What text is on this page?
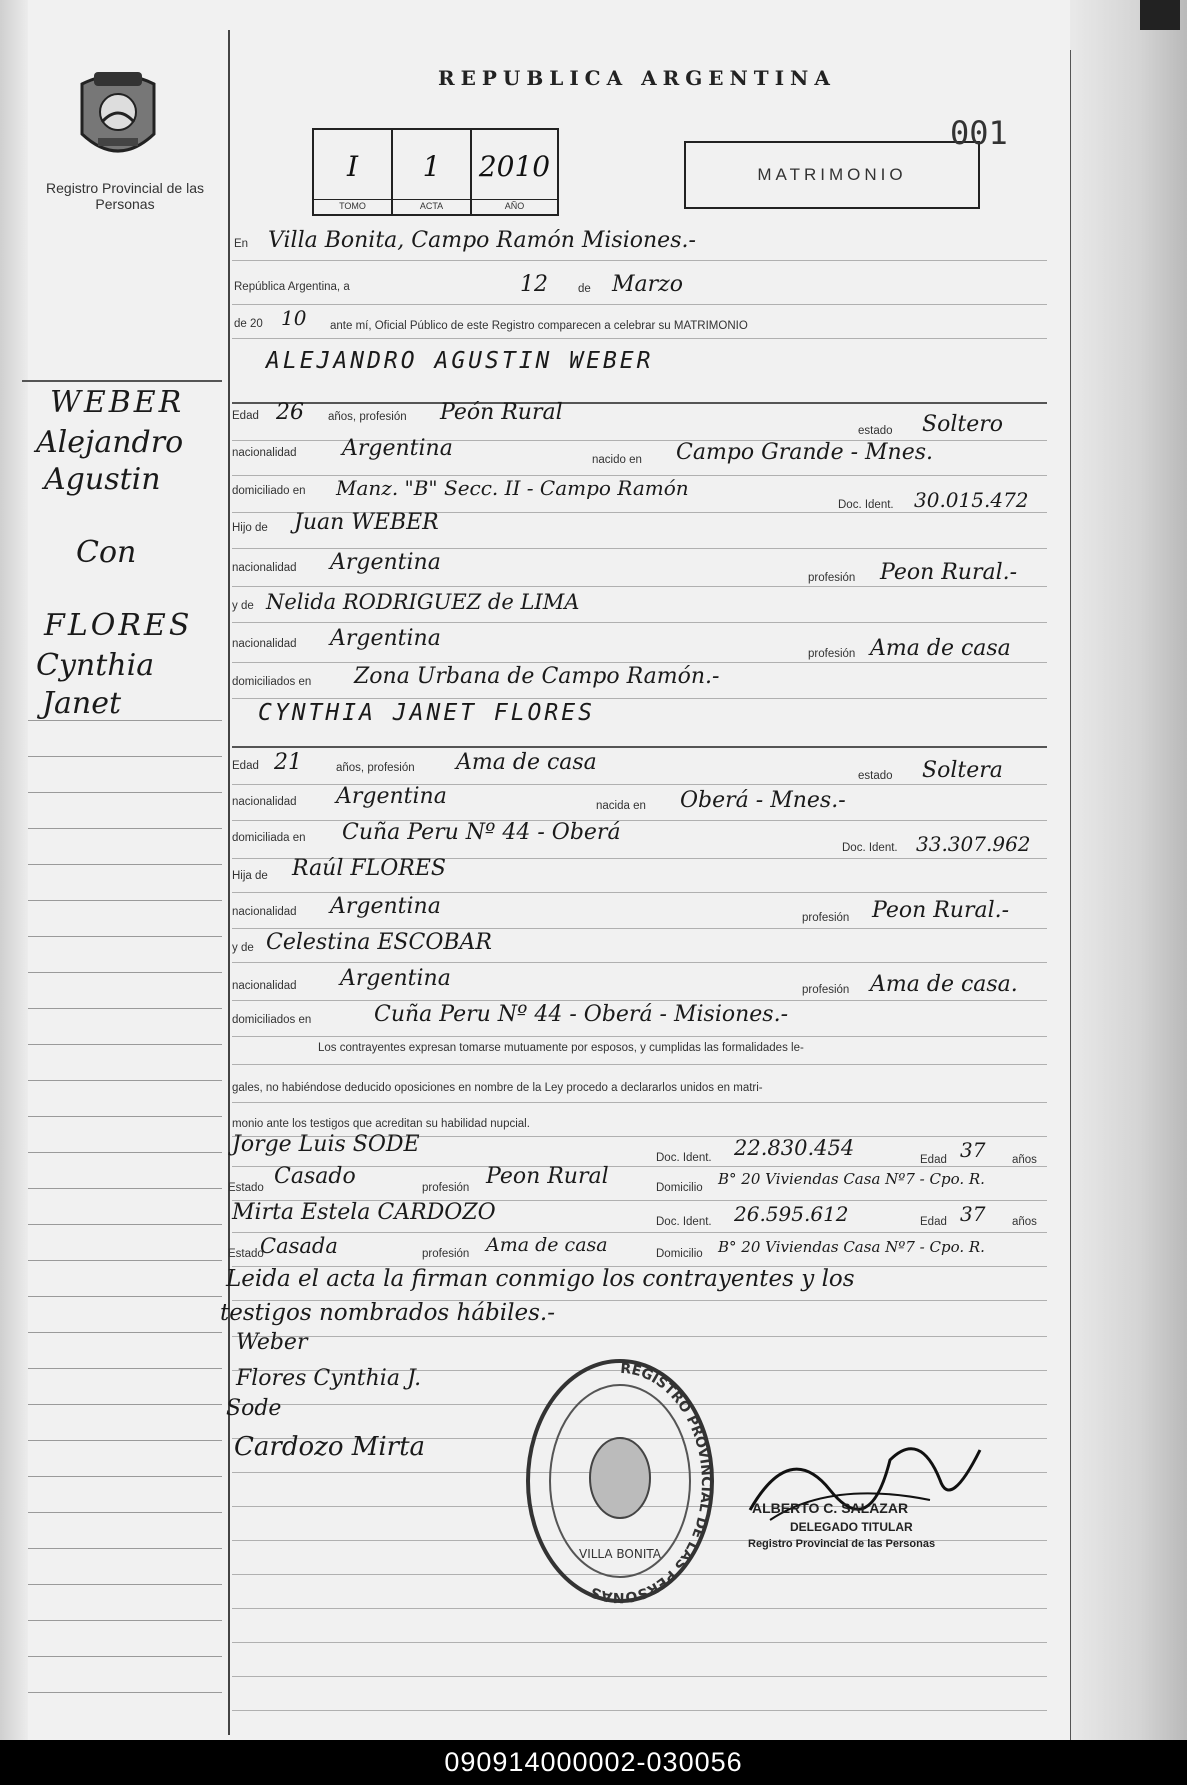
Registro Provincial de las Personas
REPUBLICA ARGENTINA
I
TOMO
1
ACTA
2010
AÑO
MATRIMONIO
001
WEBER
Alejandro
Agustin
Con
FLORES
Cynthia
Janet
En Villa Bonita, Campo Ramón Misiones.-
República Argentina, a	12	de Marzo
de 20 10 ante mí, Oficial Público de este Registro comparecen a celebrar su MATRIMONIO
ALEJANDRO AGUSTIN WEBER
Edad 26 años, profesión Peón Rural
estado Soltero
nacionalidad Argentina	nacido en Campo Grande - Mnes.
domiciliado en Manz. "B" Secc. II - Campo Ramón
Doc. Ident. 30.015.472
Hijo de Juan WEBER
nacionalidad Argentina
profesión Peon Rural.-
y de Nelida RODRIGUEZ de LIMA
nacionalidad Argentina
profesión Ama de casa
domiciliados en Zona Urbana de Campo Ramón.-
CYNTHIA JANET FLORES
Edad 21	años, profesión Ama de casa
estado Soltera
nacionalidad Argentina	nacida en Oberá - Mnes.-
domiciliada en Cuña Peru Nº 44 - Oberá
Doc. Ident. 33.307.962
Hija de Raúl FLORES
nacionalidad Argentina	profesión Peon Rural.-
y de Celestina ESCOBAR
nacionalidad Argentina	profesión Ama de casa.
domiciliados en	Cuña Peru Nº 44 - Oberá - Misiones.-
Los contrayentes expresan tomarse mutuamente por esposos, y cumplidas las formalidades le-
gales, no habiéndose deducido oposiciones en nombre de la Ley procedo a declararlos unidos en matri-
monio ante los testigos que acreditan su habilidad nupcial.
Jorge Luis SODE
Doc. Ident. 22.830.454	Edad 37 años
Estado Casado	profesión Peon Rural	Domicilio B° 20 Viviendas Casa Nº7 - Cpo. R.
Mirta Estela CARDOZO	Doc. Ident. 26.595.612	Edad 37 años
Estado
Casada	profesión Ama de casa	Domicilio B° 20 Viviendas Casa Nº7 - Cpo. R.
Leida el acta la firman conmigo los contrayentes y los
testigos nombrados hábiles.-
Weber
Flores Cynthia J.
Sode
Cardozo Mirta
REGISTRO PROVINCIAL DE LAS PERSONAS
VILLA BONITA
ALBERTO C. SALAZAR
DELEGADO TITULAR
Registro Provincial de las Personas
090914000002-030056
